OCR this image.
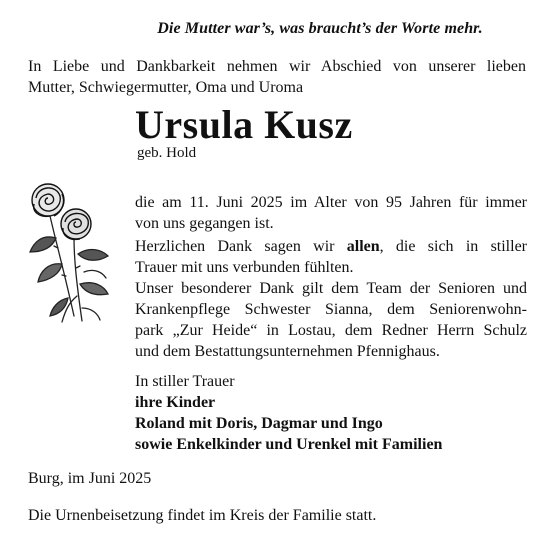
Die Mutter war’s, was braucht’s der Worte mehr.
In Liebe und Dankbarkeit nehmen wir Abschied von unserer lieben
Mutter, Schwiegermutter, Oma und Uroma
Ursula Kusz
geb. Hold
die am 11. Juni 2025 im Alter von 95 Jahren für immer
von uns gegangen ist.
Herzlichen Dank sagen wir allen, die sich in stiller
Trauer mit uns verbunden fühlten.
Unser besonderer Dank gilt dem Team der Senioren und
Krankenpflege Schwester Sianna, dem Seniorenwohn-
park „Zur Heide“ in Lostau, dem Redner Herrn Schulz
und dem Bestattungsunternehmen Pfennighaus.
In stiller Trauer
ihre Kinder
Roland mit Doris, Dagmar und Ingo
sowie Enkelkinder und Urenkel mit Familien
Burg, im Juni 2025
Die Urnenbeisetzung findet im Kreis der Familie statt.
